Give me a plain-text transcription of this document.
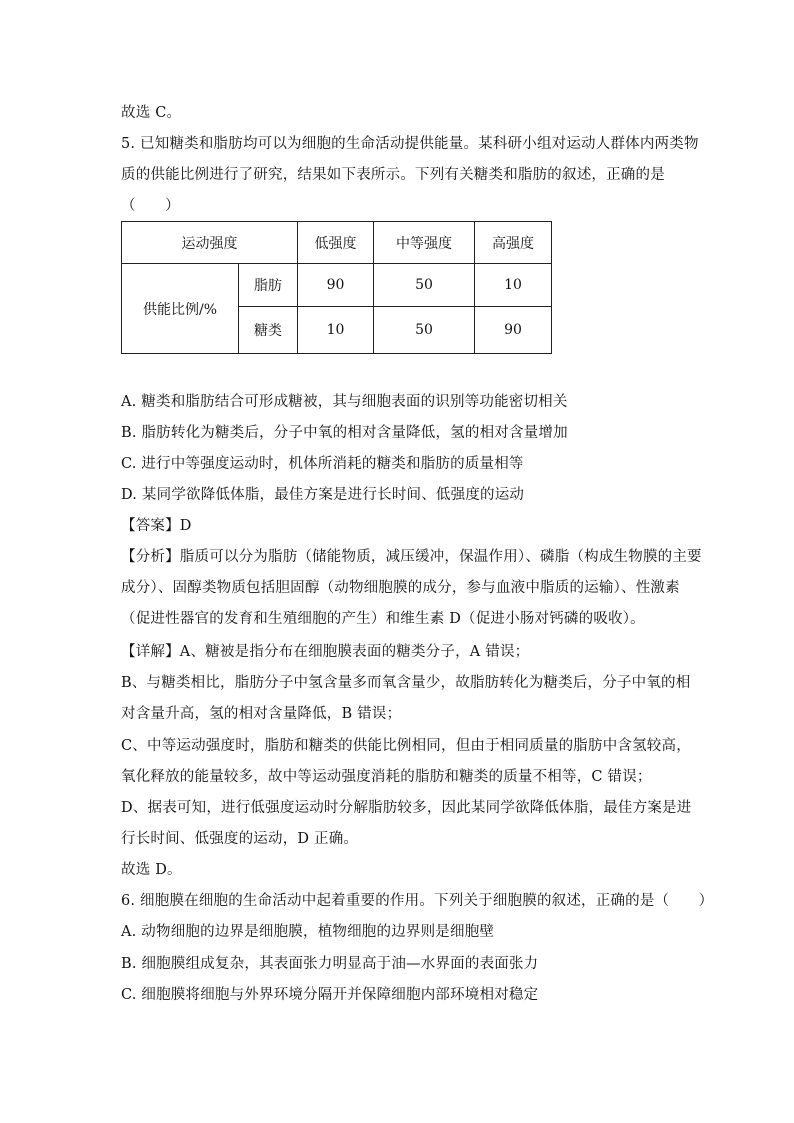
故选 C。
5. 已知糖类和脂肪均可以为细胞的生命活动提供能量。某科研小组对运动人群体内两类物
质的供能比例进行了研究，结果如下表所示。下列有关糖类和脂肪的叙述，正确的是
（　　）
运动强度		低强度	中等强度	高强度
供能比例/%	脂肪	90	50	10
	糖类	10	50	90
A. 糖类和脂肪结合可形成糖被，其与细胞表面的识别等功能密切相关
B. 脂肪转化为糖类后，分子中氧的相对含量降低，氢的相对含量增加
C. 进行中等强度运动时，机体所消耗的糖类和脂肪的质量相等
D. 某同学欲降低体脂，最佳方案是进行长时间、低强度的运动
【答案】D
【分析】脂质可以分为脂肪（储能物质，减压缓冲，保温作用）、磷脂（构成生物膜的主要
成分）、固醇类物质包括胆固醇（动物细胞膜的成分，参与血液中脂质的运输）、性激素
（促进性器官的发育和生殖细胞的产生）和维生素 D（促进小肠对钙磷的吸收）。
【详解】A、糖被是指分布在细胞膜表面的糖类分子，A 错误；
B、与糖类相比，脂肪分子中氢含量多而氧含量少，故脂肪转化为糖类后，分子中氧的相
对含量升高，氢的相对含量降低，B 错误；
C、中等运动强度时，脂肪和糖类的供能比例相同，但由于相同质量的脂肪中含氢较高，
氧化释放的能量较多，故中等运动强度消耗的脂肪和糖类的质量不相等，C 错误；
D、据表可知，进行低强度运动时分解脂肪较多，因此某同学欲降低体脂，最佳方案是进
行长时间、低强度的运动，D 正确。
故选 D。
6. 细胞膜在细胞的生命活动中起着重要的作用。下列关于细胞膜的叙述，正确的是（　　）
A. 动物细胞的边界是细胞膜，植物细胞的边界则是细胞壁
B. 细胞膜组成复杂，其表面张力明显高于油—水界面的表面张力
C. 细胞膜将细胞与外界环境分隔开并保障细胞内部环境相对稳定
